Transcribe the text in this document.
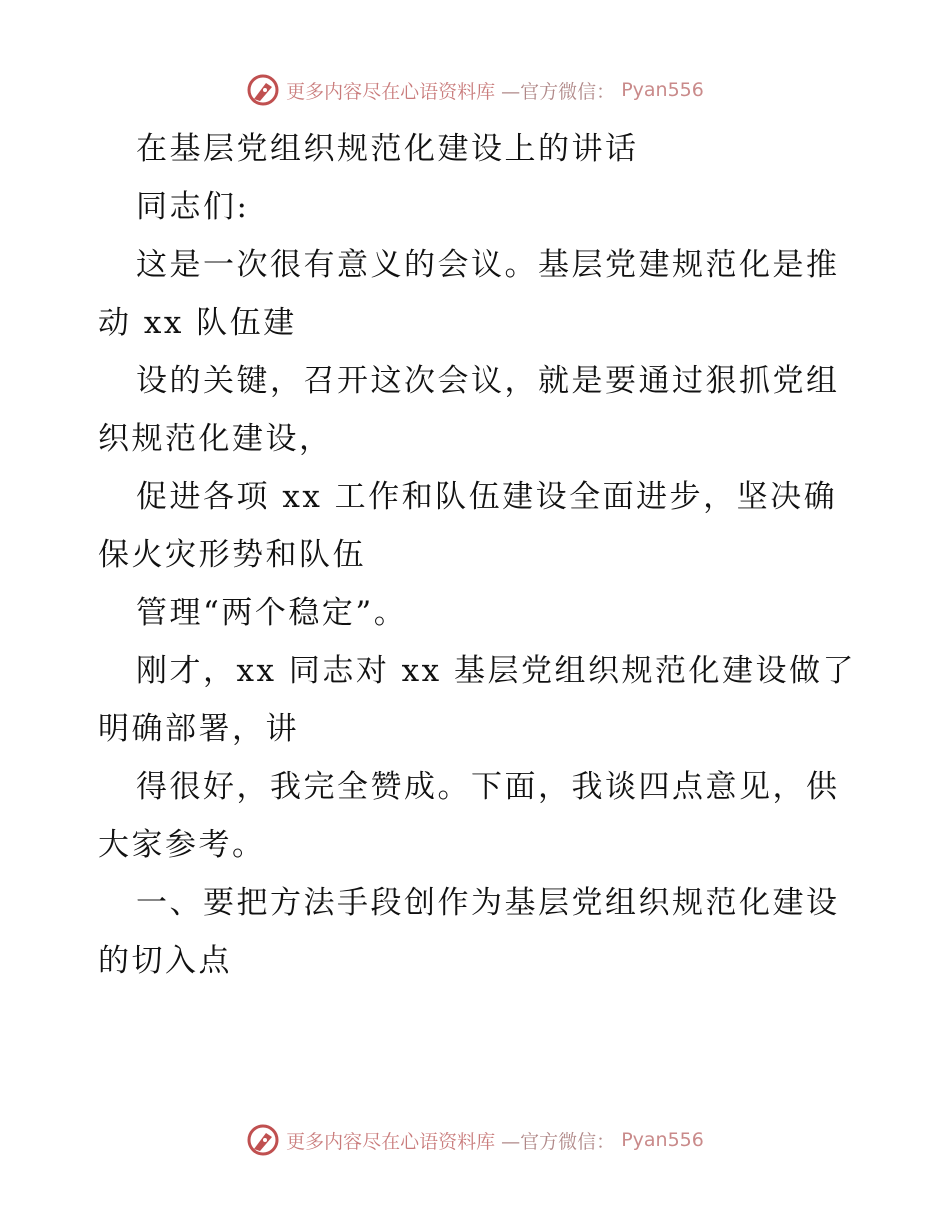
更多内容尽在心语资料库 —官方微信： Pyan556
在基层党组织规范化建设上的讲话
同志们:
这是一次很有意义的会议。基层党建规范化是推
动 xx 队伍建
设的关键，召开这次会议，就是要通过狠抓党组
织规范化建设，
促进各项 xx 工作和队伍建设全面进步，坚决确
保火灾形势和队伍
管理“两个稳定”。
刚才，xx 同志对 xx 基层党组织规范化建设做了
明确部署，讲
得很好，我完全赞成。下面，我谈四点意见，供
大家参考。
一、要把方法手段创作为基层党组织规范化建设
的切入点
更多内容尽在心语资料库 —官方微信： Pyan556
